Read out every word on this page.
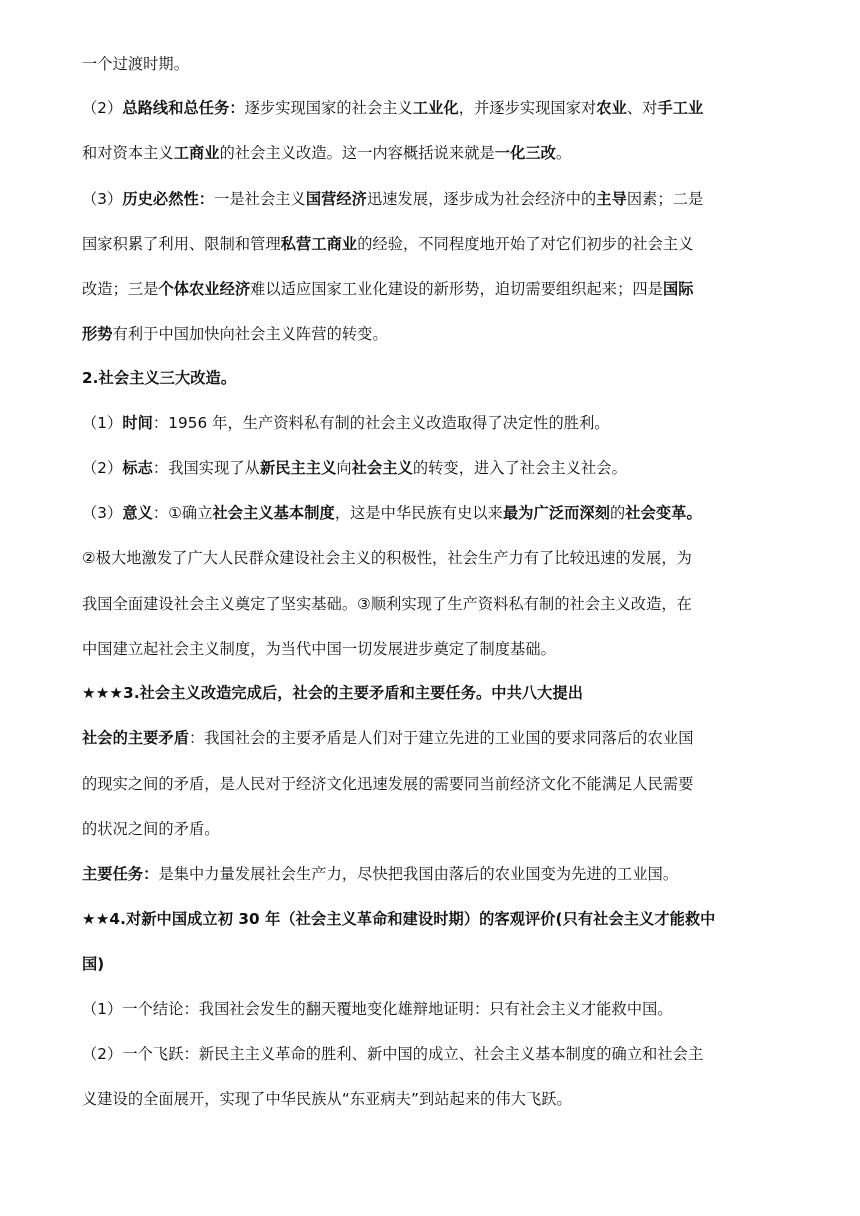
一个过渡时期。

（2）总路线和总任务：逐步实现国家的社会主义工业化，并逐步实现国家对农业、对手工业

和对资本主义工商业的社会主义改造。这一内容概括说来就是一化三改。

（3）历史必然性：一是社会主义国营经济迅速发展，逐步成为社会经济中的主导因素；二是

国家积累了利用、限制和管理私营工商业的经验，不同程度地开始了对它们初步的社会主义

改造；三是个体农业经济难以适应国家工业化建设的新形势，迫切需要组织起来；四是国际

形势有利于中国加快向社会主义阵营的转变。

2.社会主义三大改造。

（1）时间：1956 年，生产资料私有制的社会主义改造取得了决定性的胜利。

（2）标志：我国实现了从新民主主义向社会主义的转变，进入了社会主义社会。

（3）意义：①确立社会主义基本制度，这是中华民族有史以来最为广泛而深刻的社会变革。

②极大地激发了广大人民群众建设社会主义的积极性，社会生产力有了比较迅速的发展，为

我国全面建设社会主义奠定了坚实基础。③顺利实现了生产资料私有制的社会主义改造，在

中国建立起社会主义制度，为当代中国一切发展进步奠定了制度基础。

★★★3.社会主义改造完成后，社会的主要矛盾和主要任务。中共八大提出

社会的主要矛盾：我国社会的主要矛盾是人们对于建立先进的工业国的要求同落后的农业国

的现实之间的矛盾，是人民对于经济文化迅速发展的需要同当前经济文化不能满足人民需要

的状况之间的矛盾。

主要任务：是集中力量发展社会生产力，尽快把我国由落后的农业国变为先进的工业国。

★★4.对新中国成立初 30 年（社会主义革命和建设时期）的客观评价(只有社会主义才能救中

国)

（1）一个结论：我国社会发生的翻天覆地变化雄辩地证明：只有社会主义才能救中国。

（2）一个飞跃：新民主主义革命的胜利、新中国的成立、社会主义基本制度的确立和社会主

义建设的全面展开，实现了中华民族从“东亚病夫”到站起来的伟大飞跃。
